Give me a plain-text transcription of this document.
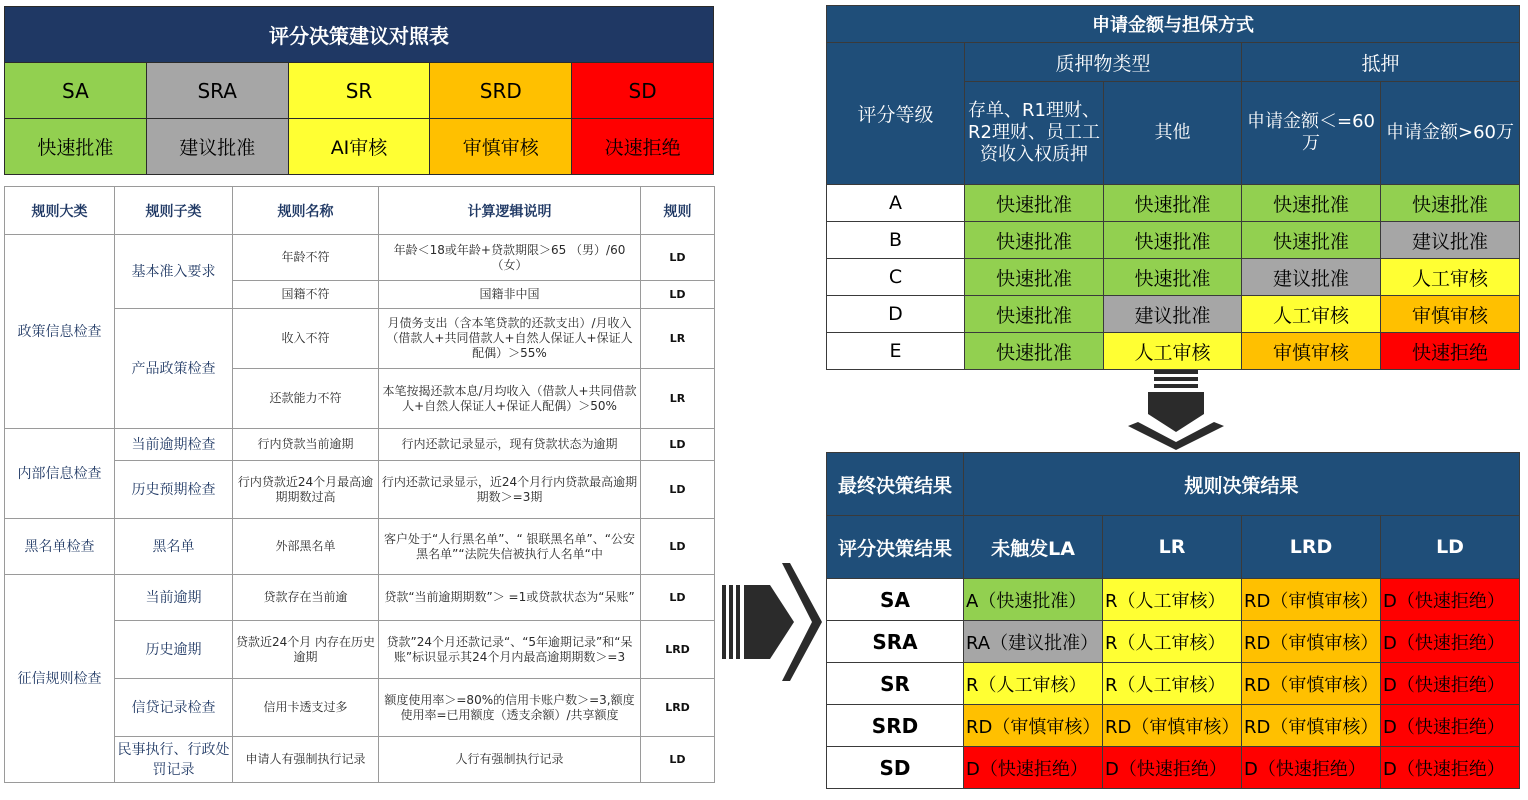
评分决策建议对照表				
SA	SRA	SR	SRD	SD
快速批准	建议批准	AI审核	审慎审核	决速拒绝
规则大类	规则子类	规则名称	计算逻辑说明	规则
政策信息检查	基本准入要求	年龄不符	年龄＜18或年龄+贷款期限＞65 （男）/60（女）	LD
		国籍不符	国籍非中国	LD
	产品政策检查	收入不符	月债务支出（含本笔贷款的还款支出）/月收入（借款人+共同借款人+自然人保证人+保证人配偶）＞55%	LR
		还款能力不符	本笔按揭还款本息/月均收入（借款人+共同借款人+自然人保证人+保证人配偶）＞50%	LR
内部信息检查	当前逾期检查	行内贷款当前逾期	行内还款记录显示，现有贷款状态为逾期	LD
	历史预期检查	行内贷款近24个月最高逾期期数过高	行内还款记录显示，近24个月行内贷款最高逾期期数＞=3期	LD
黑名单检查	黑名单	外部黑名单	客户处于“人行黑名单”、“ 银联黑名单”、“公安黑名单”“法院失信被执行人名单“中	LD
征信规则检查	当前逾期	贷款存在当前逾	贷款“当前逾期期数”＞ =1或贷款状态为“呆账”	LD
	历史逾期	贷款近24个月 内存在历史逾期	贷款”24个月还款记录“、“5年逾期记录”和“呆账”标识显示其24个月内最高逾期期数＞=3	LRD
	信贷记录检查	信用卡透支过多	额度使用率＞=80%的信用卡账户数＞=3,额度使用率=已用额度（透支余额）/共享额度	LRD
	民事执行、行政处罚记录	申请人有强制执行记录	人行有强制执行记录	LD
申请金额与担保方式				
评分等级	质押物类型		抵押	
	存单、R1理财、R2理财、员工工资收入权质押	其他	申请金额＜=60万	申请金额>60万
A	快速批准	快速批准	快速批准	快速批准
B	快速批准	快速批准	快速批准	建议批准
C	快速批准	快速批准	建议批准	人工审核
D	快速批准	建议批准	人工审核	审慎审核
E	快速批准	人工审核	审慎审核	快速拒绝
最终决策结果	规则决策结果			
评分决策结果	未触发LA	LR	LRD	LD
SA	A（快速批准）	R（人工审核）	RD（审慎审核）	D（快速拒绝）
SRA	RA（建议批准）	R（人工审核）	RD（审慎审核）	D（快速拒绝）
SR	R（人工审核）	R（人工审核）	RD（审慎审核）	D（快速拒绝）
SRD	RD（审慎审核）	RD（审慎审核）	RD（审慎审核）	D（快速拒绝）
SD	D（快速拒绝）	D（快速拒绝）	D（快速拒绝）	D（快速拒绝）
